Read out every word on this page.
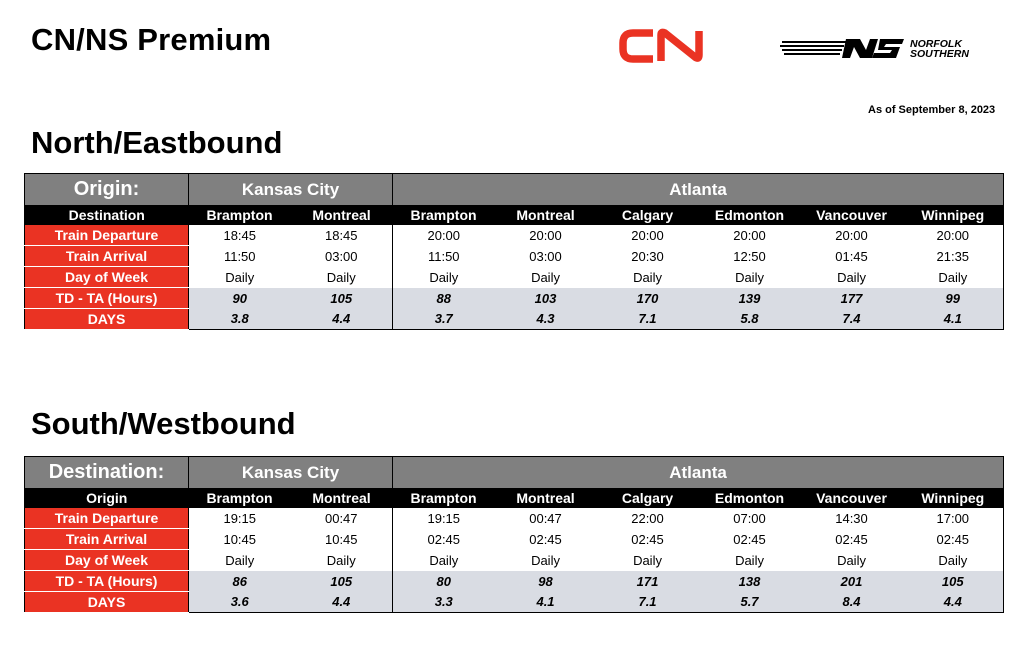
CN/NS Premium	NORFOLK
SOUTHERN
As of September 8, 2023
North/Eastbound
Origin:	Kansas City		Atlanta					
Destination	Brampton	Montreal	Brampton	Montreal	Calgary	Edmonton	Vancouver	Winnipeg
Train Departure	18:45	18:45	20:00	20:00	20:00	20:00	20:00	20:00
Train Arrival	11:50	03:00	11:50	03:00	20:30	12:50	01:45	21:35
Day of Week	Daily	Daily	Daily	Daily	Daily	Daily	Daily	Daily
TD - TA (Hours)	90	105	88	103	170	139	177	99
DAYS	3.8	4.4	3.7	4.3	7.1	5.8	7.4	4.1
South/Westbound
Destination:	Kansas City		Atlanta					
Origin	Brampton	Montreal	Brampton	Montreal	Calgary	Edmonton	Vancouver	Winnipeg
Train Departure	19:15	00:47	19:15	00:47	22:00	07:00	14:30	17:00
Train Arrival	10:45	10:45	02:45	02:45	02:45	02:45	02:45	02:45
Day of Week	Daily	Daily	Daily	Daily	Daily	Daily	Daily	Daily
TD - TA (Hours)	86	105	80	98	171	138	201	105
DAYS	3.6	4.4	3.3	4.1	7.1	5.7	8.4	4.4
